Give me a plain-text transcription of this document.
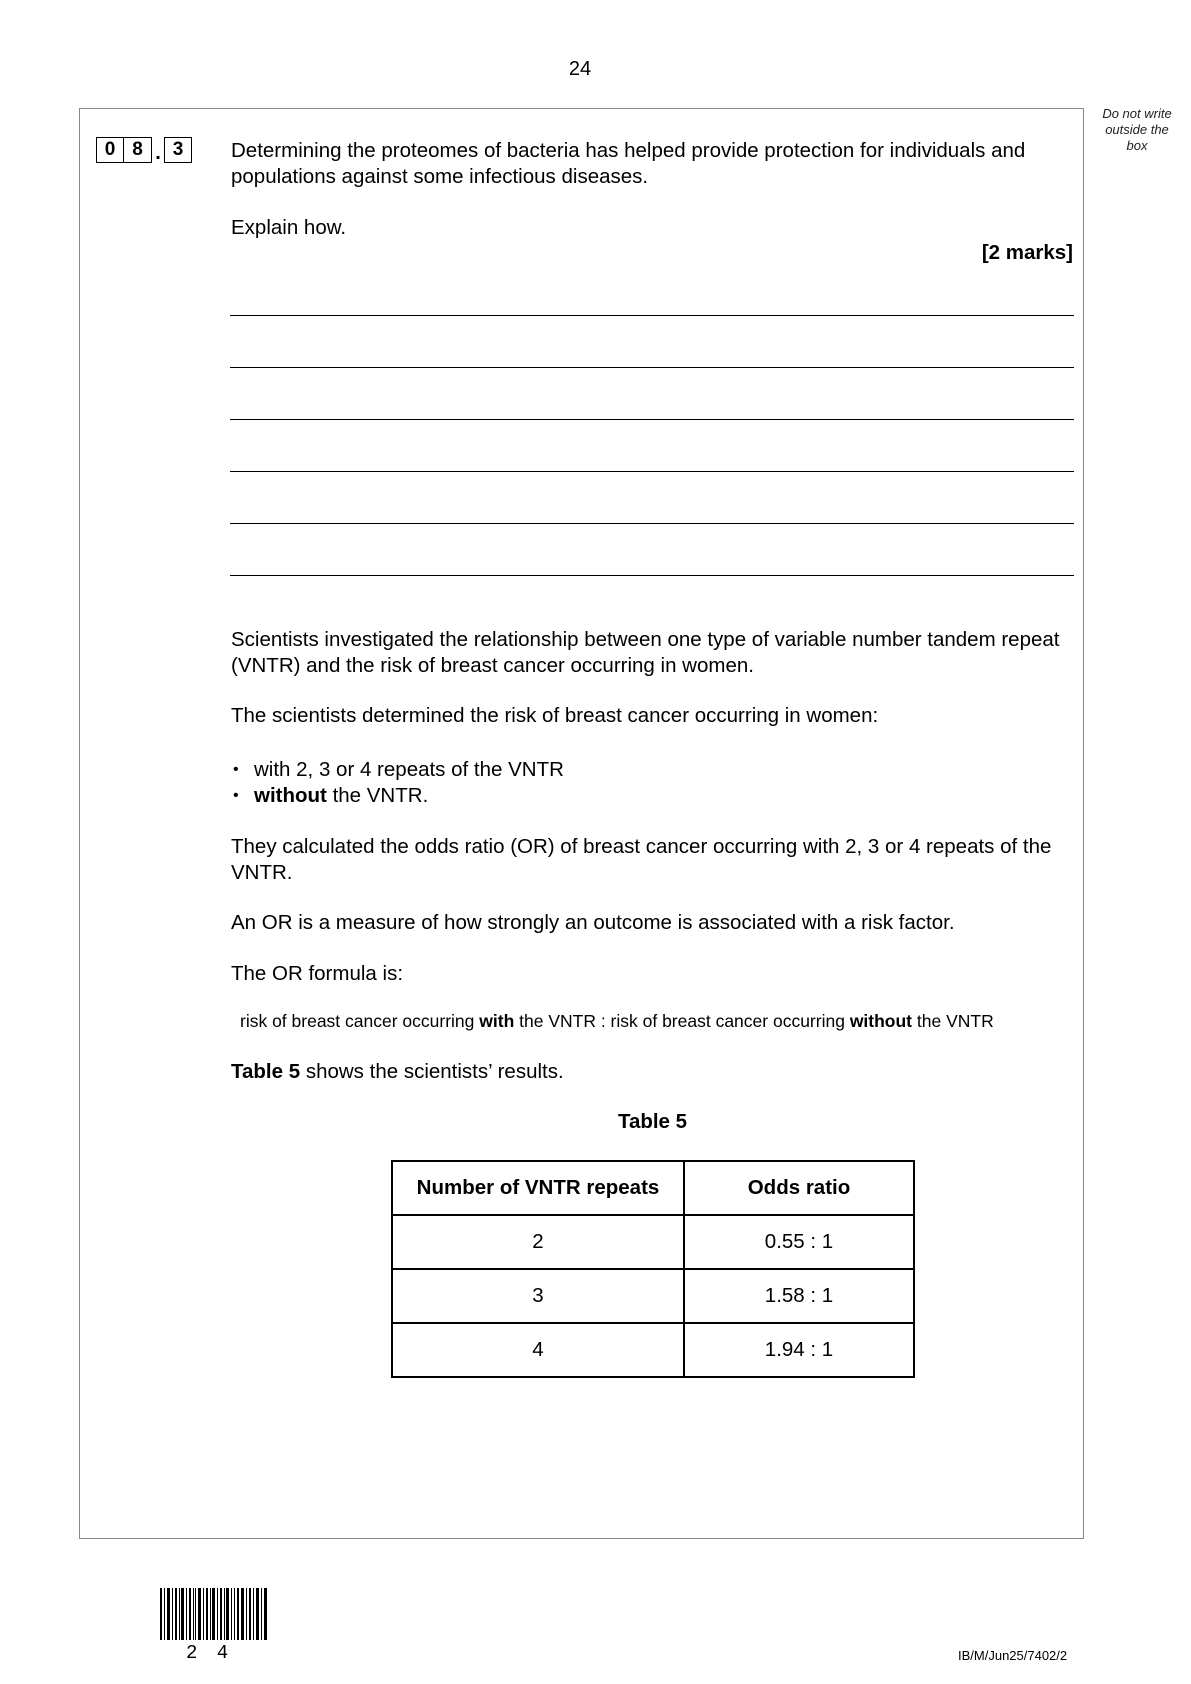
24
Do not write outside the box
0 8 . 3	Determining the proteomes of bacteria has helped provide protection for individuals and populations against some infectious diseases.
Explain how.
[2 marks]
Scientists investigated the relationship between one type of variable number tandem repeat (VNTR) and the risk of breast cancer occurring in women.
The scientists determined the risk of breast cancer occurring in women:
• with 2, 3 or 4 repeats of the VNTR
• without the VNTR.
They calculated the odds ratio (OR) of breast cancer occurring with 2, 3 or 4 repeats of the VNTR.
An OR is a measure of how strongly an outcome is associated with a risk factor.
The OR formula is:
risk of breast cancer occurring with the VNTR : risk of breast cancer occurring without the VNTR
Table 5 shows the scientists’ results.
Table 5
Number of VNTR repeats	Odds ratio
2	0.55 : 1
3	1.58 : 1
4	1.94 : 1
2 4	IB/M/Jun25/7402/2
